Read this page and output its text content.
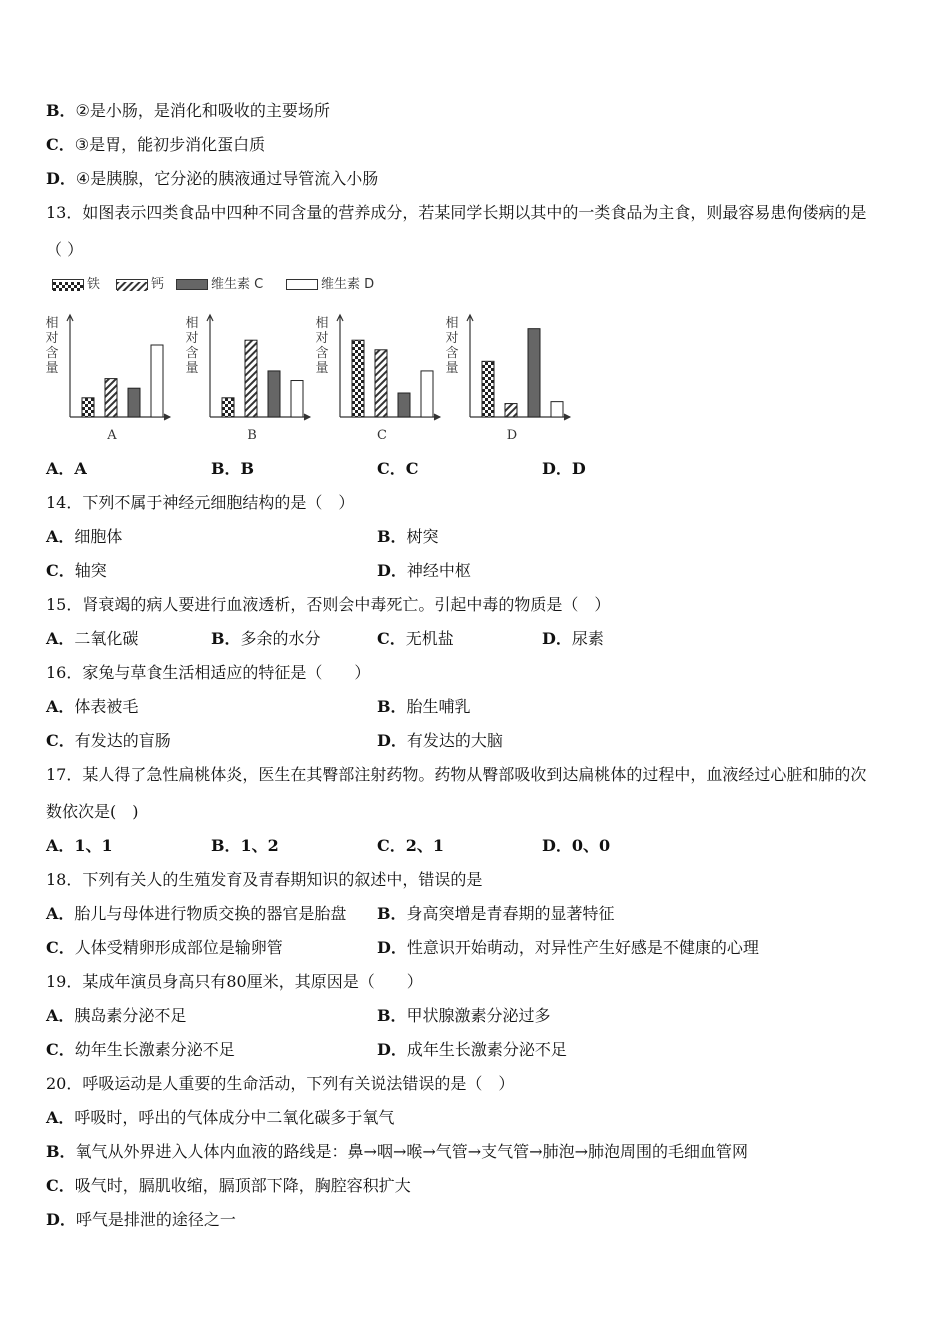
B．②是小肠，是消化和吸收的主要场所
C．③是胃，能初步消化蛋白质
D．④是胰腺，它分泌的胰液通过导管流入小肠
13．如图表示四类食品中四种不同含量的营养成分，若某同学长期以其中的一类食品为主食，则最容易患佝偻病的是
（ ）
铁	钙	维生素 C	维生素 D
相
对
含
量
A
相
对
含
量
B
相
对
含
量
C
相
对
含
量
D
A．A	B．B	C．C	D．D
14．下列不属于神经元细胞结构的是（　）
A．细胞体	B．树突
C．轴突	D．神经中枢
15．肾衰竭的病人要进行血液透析，否则会中毒死亡。引起中毒的物质是（　）
A．二氧化碳	B．多余的水分	C．无机盐	D．尿素
16．家兔与草食生活相适应的特征是（　　）
A．体表被毛	B．胎生哺乳
C．有发达的盲肠	D．有发达的大脑
17．某人得了急性扁桃体炎，医生在其臀部注射药物。药物从臀部吸收到达扁桃体的过程中，血液经过心脏和肺的次
数依次是(　)
A．1、1	B．1、2	C．2、1	D．0、0
18．下列有关人的生殖发育及青春期知识的叙述中，错误的是
A．胎儿与母体进行物质交换的器官是胎盘 B．身高突增是青春期的显著特征
C．人体受精卵形成部位是输卵管	D．性意识开始萌动，对异性产生好感是不健康的心理
19．某成年演员身高只有80厘米，其原因是（　　）
A．胰岛素分泌不足	B．甲状腺激素分泌过多
C．幼年生长激素分泌不足	D．成年生长激素分泌不足
20．呼吸运动是人重要的生命活动，下列有关说法错误的是（　）
A．呼吸时，呼出的气体成分中二氧化碳多于氧气
B．氧气从外界进入人体内血液的路线是：鼻→咽→喉→气管→支气管→肺泡→肺泡周围的毛细血管网
C．吸气时，膈肌收缩，膈顶部下降，胸腔容积扩大
D．呼气是排泄的途径之一
